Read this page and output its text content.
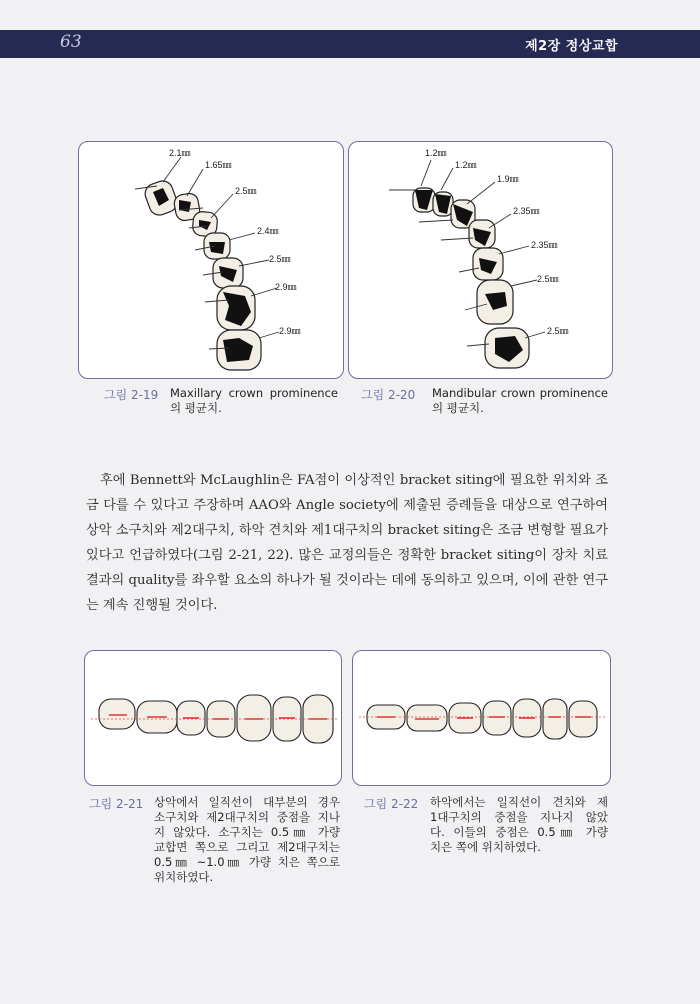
63	제2장 정상교합
2.1㎜
1.65㎜
2.5㎜
2.4㎜
2.5㎜
2.9㎜
2.9㎜
그림 2-19 Maxillary crown prominence
의 평균치.
1.2㎜
1.2㎜
1.9㎜
2.35㎜
2.35㎜
2.5㎜
2.5㎜
그림 2-20 Mandibular crown prominence
의 평균치.
후에 Bennett와 McLaughlin은 FA점이 이상적인 bracket siting에 필요한 위치와 조금 다를 수 있다고 주장하며 AAO와 Angle society에 제출된 증례들을 대상으로 연구하여 상악 소구치와 제2대구치, 하악 견치와 제1대구치의 bracket siting은 조금 변형할 필요가 있다고 언급하였다(그림 2-21, 22). 많은 교정의들은 정확한 bracket siting이 장차 치료결과의 quality를 좌우할 요소의 하나가 될 것이라는 데에 동의하고 있으며, 이에 관한 연구는 계속 진행될 것이다.
그림 2-21 상악에서 일직선이 대부분의 경우
소구치와 제2대구치의 중점을 지나
지 않았다. 소구치는 0.5㎜ 가량
교합면 쪽으로 그리고 제2대구치는
0.5㎜ ~1.0㎜ 가량 치은 쪽으로
위치하였다.
그림 2-22 하악에서는 일직선이 견치와 제
1대구치의 중점을 지나지 않았
다. 이들의 중점은 0.5㎜ 가량
치은 쪽에 위치하였다.
